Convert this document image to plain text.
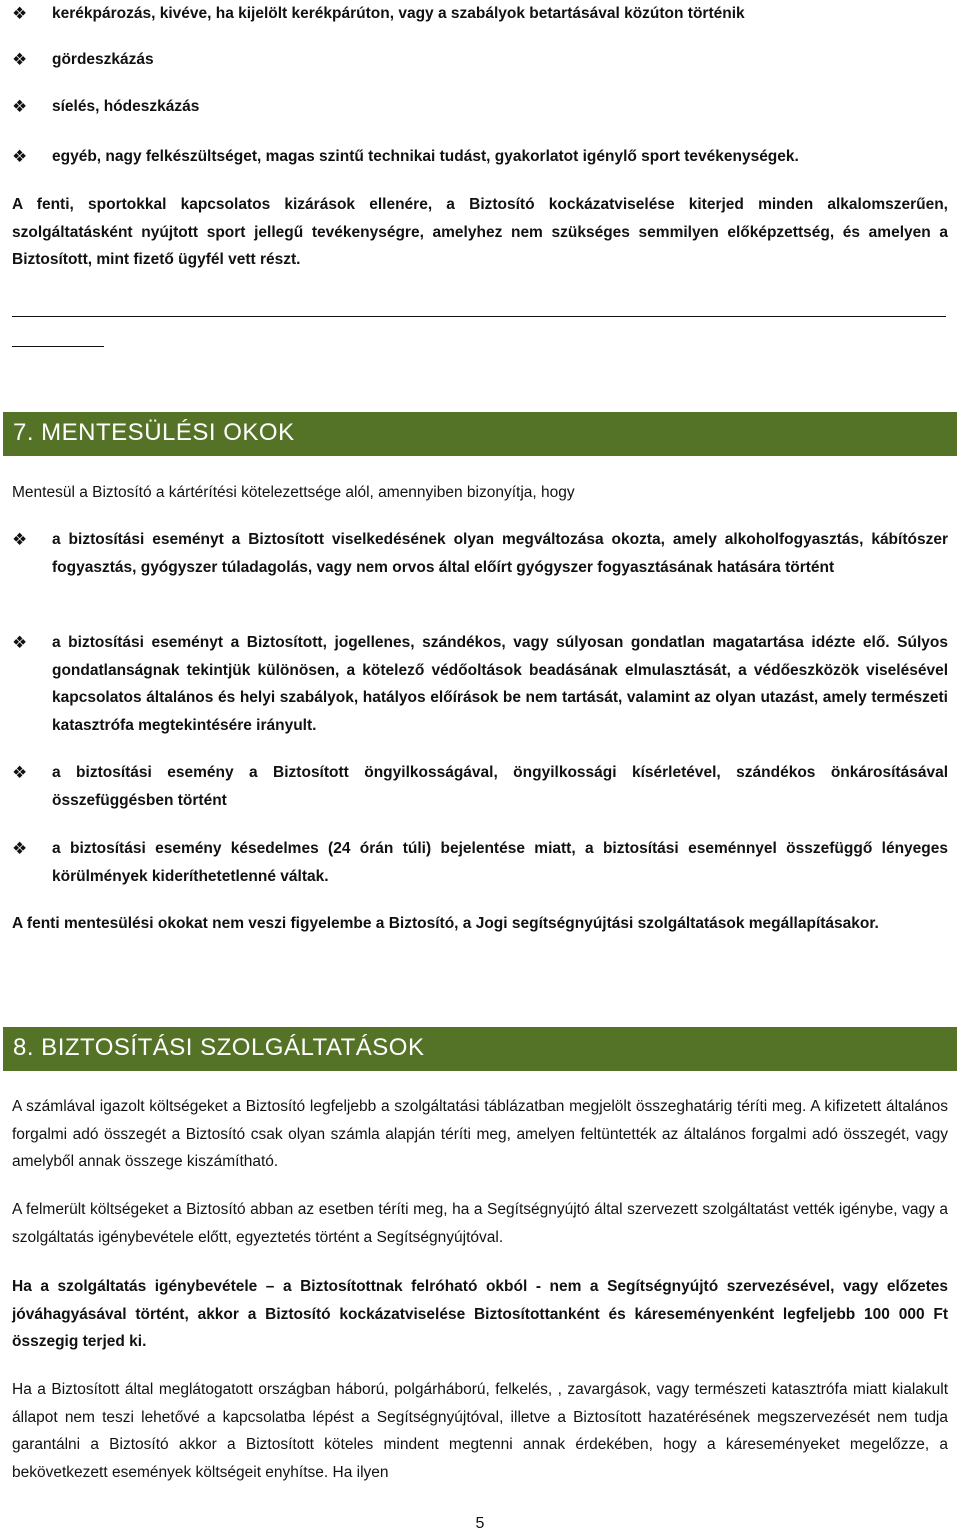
❖ kerékpározás, kivéve, ha kijelölt kerékpárúton, vagy a szabályok betartásával közúton történik
❖ gördeszkázás
❖ síelés, hódeszkázás
❖ egyéb, nagy felkészültséget, magas szintű technikai tudást, gyakorlatot igénylő sport tevékenységek.
A fenti, sportokkal kapcsolatos kizárások ellenére, a Biztosító kockázatviselése kiterjed minden alkalomszerűen, szolgáltatásként nyújtott sport jellegű tevékenységre, amelyhez nem szükséges semmilyen előképzettség, és amelyen a Biztosított, mint fizető ügyfél vett részt.
7. MENTESÜLÉSI OKOK
Mentesül a Biztosító a kártérítési kötelezettsége alól, amennyiben bizonyítja, hogy
❖ a biztosítási eseményt a Biztosított viselkedésének olyan megváltozása okozta, amely alkoholfogyasztás, kábítószer fogyasztás, gyógyszer túladagolás, vagy nem orvos által előírt gyógyszer fogyasztásának hatására történt
❖ a biztosítási eseményt a Biztosított, jogellenes, szándékos, vagy súlyosan gondatlan magatartása idézte elő. Súlyos gondatlanságnak tekintjük különösen, a kötelező védőoltások beadásának elmulasztását, a védőeszközök viselésével kapcsolatos általános és helyi szabályok, hatályos előírások be nem tartását, valamint az olyan utazást, amely természeti katasztrófa megtekintésére irányult.
❖ a biztosítási esemény a Biztosított öngyilkosságával, öngyilkossági kísérletével, szándékos önkárosításával összefüggésben történt
❖ a biztosítási esemény késedelmes (24 órán túli) bejelentése miatt, a biztosítási eseménnyel összefüggő lényeges körülmények kideríthetetlenné váltak.
A fenti mentesülési okokat nem veszi figyelembe a Biztosító, a Jogi segítségnyújtási szolgáltatások megállapításakor.
8. BIZTOSÍTÁSI SZOLGÁLTATÁSOK
A számlával igazolt költségeket a Biztosító legfeljebb a szolgáltatási táblázatban megjelölt összeghatárig téríti meg. A kifizetett általános forgalmi adó összegét a Biztosító csak olyan számla alapján téríti meg, amelyen feltüntették az általános forgalmi adó összegét, vagy amelyből annak összege kiszámítható.
A felmerült költségeket a Biztosító abban az esetben téríti meg, ha a Segítségnyújtó által szervezett szolgáltatást vették igénybe, vagy a szolgáltatás igénybevétele előtt, egyeztetés történt a Segítségnyújtóval.
Ha a szolgáltatás igénybevétele – a Biztosítottnak felróható okból - nem a Segítségnyújtó szervezésével, vagy előzetes jóváhagyásával történt, akkor a Biztosító kockázatviselése Biztosítottanként és káreseményenként legfeljebb 100 000 Ft összegig terjed ki.
Ha a Biztosított által meglátogatott országban háború, polgárháború, felkelés, , zavargások, vagy természeti katasztrófa miatt kialakult állapot nem teszi lehetővé a kapcsolatba lépést a Segítségnyújtóval, illetve a Biztosított hazatérésének megszervezését nem tudja garantálni a Biztosító akkor a Biztosított köteles mindent megtenni annak érdekében, hogy a káreseményeket megelőzze, a bekövetkezett események költségeit enyhítse. Ha ilyen
5
